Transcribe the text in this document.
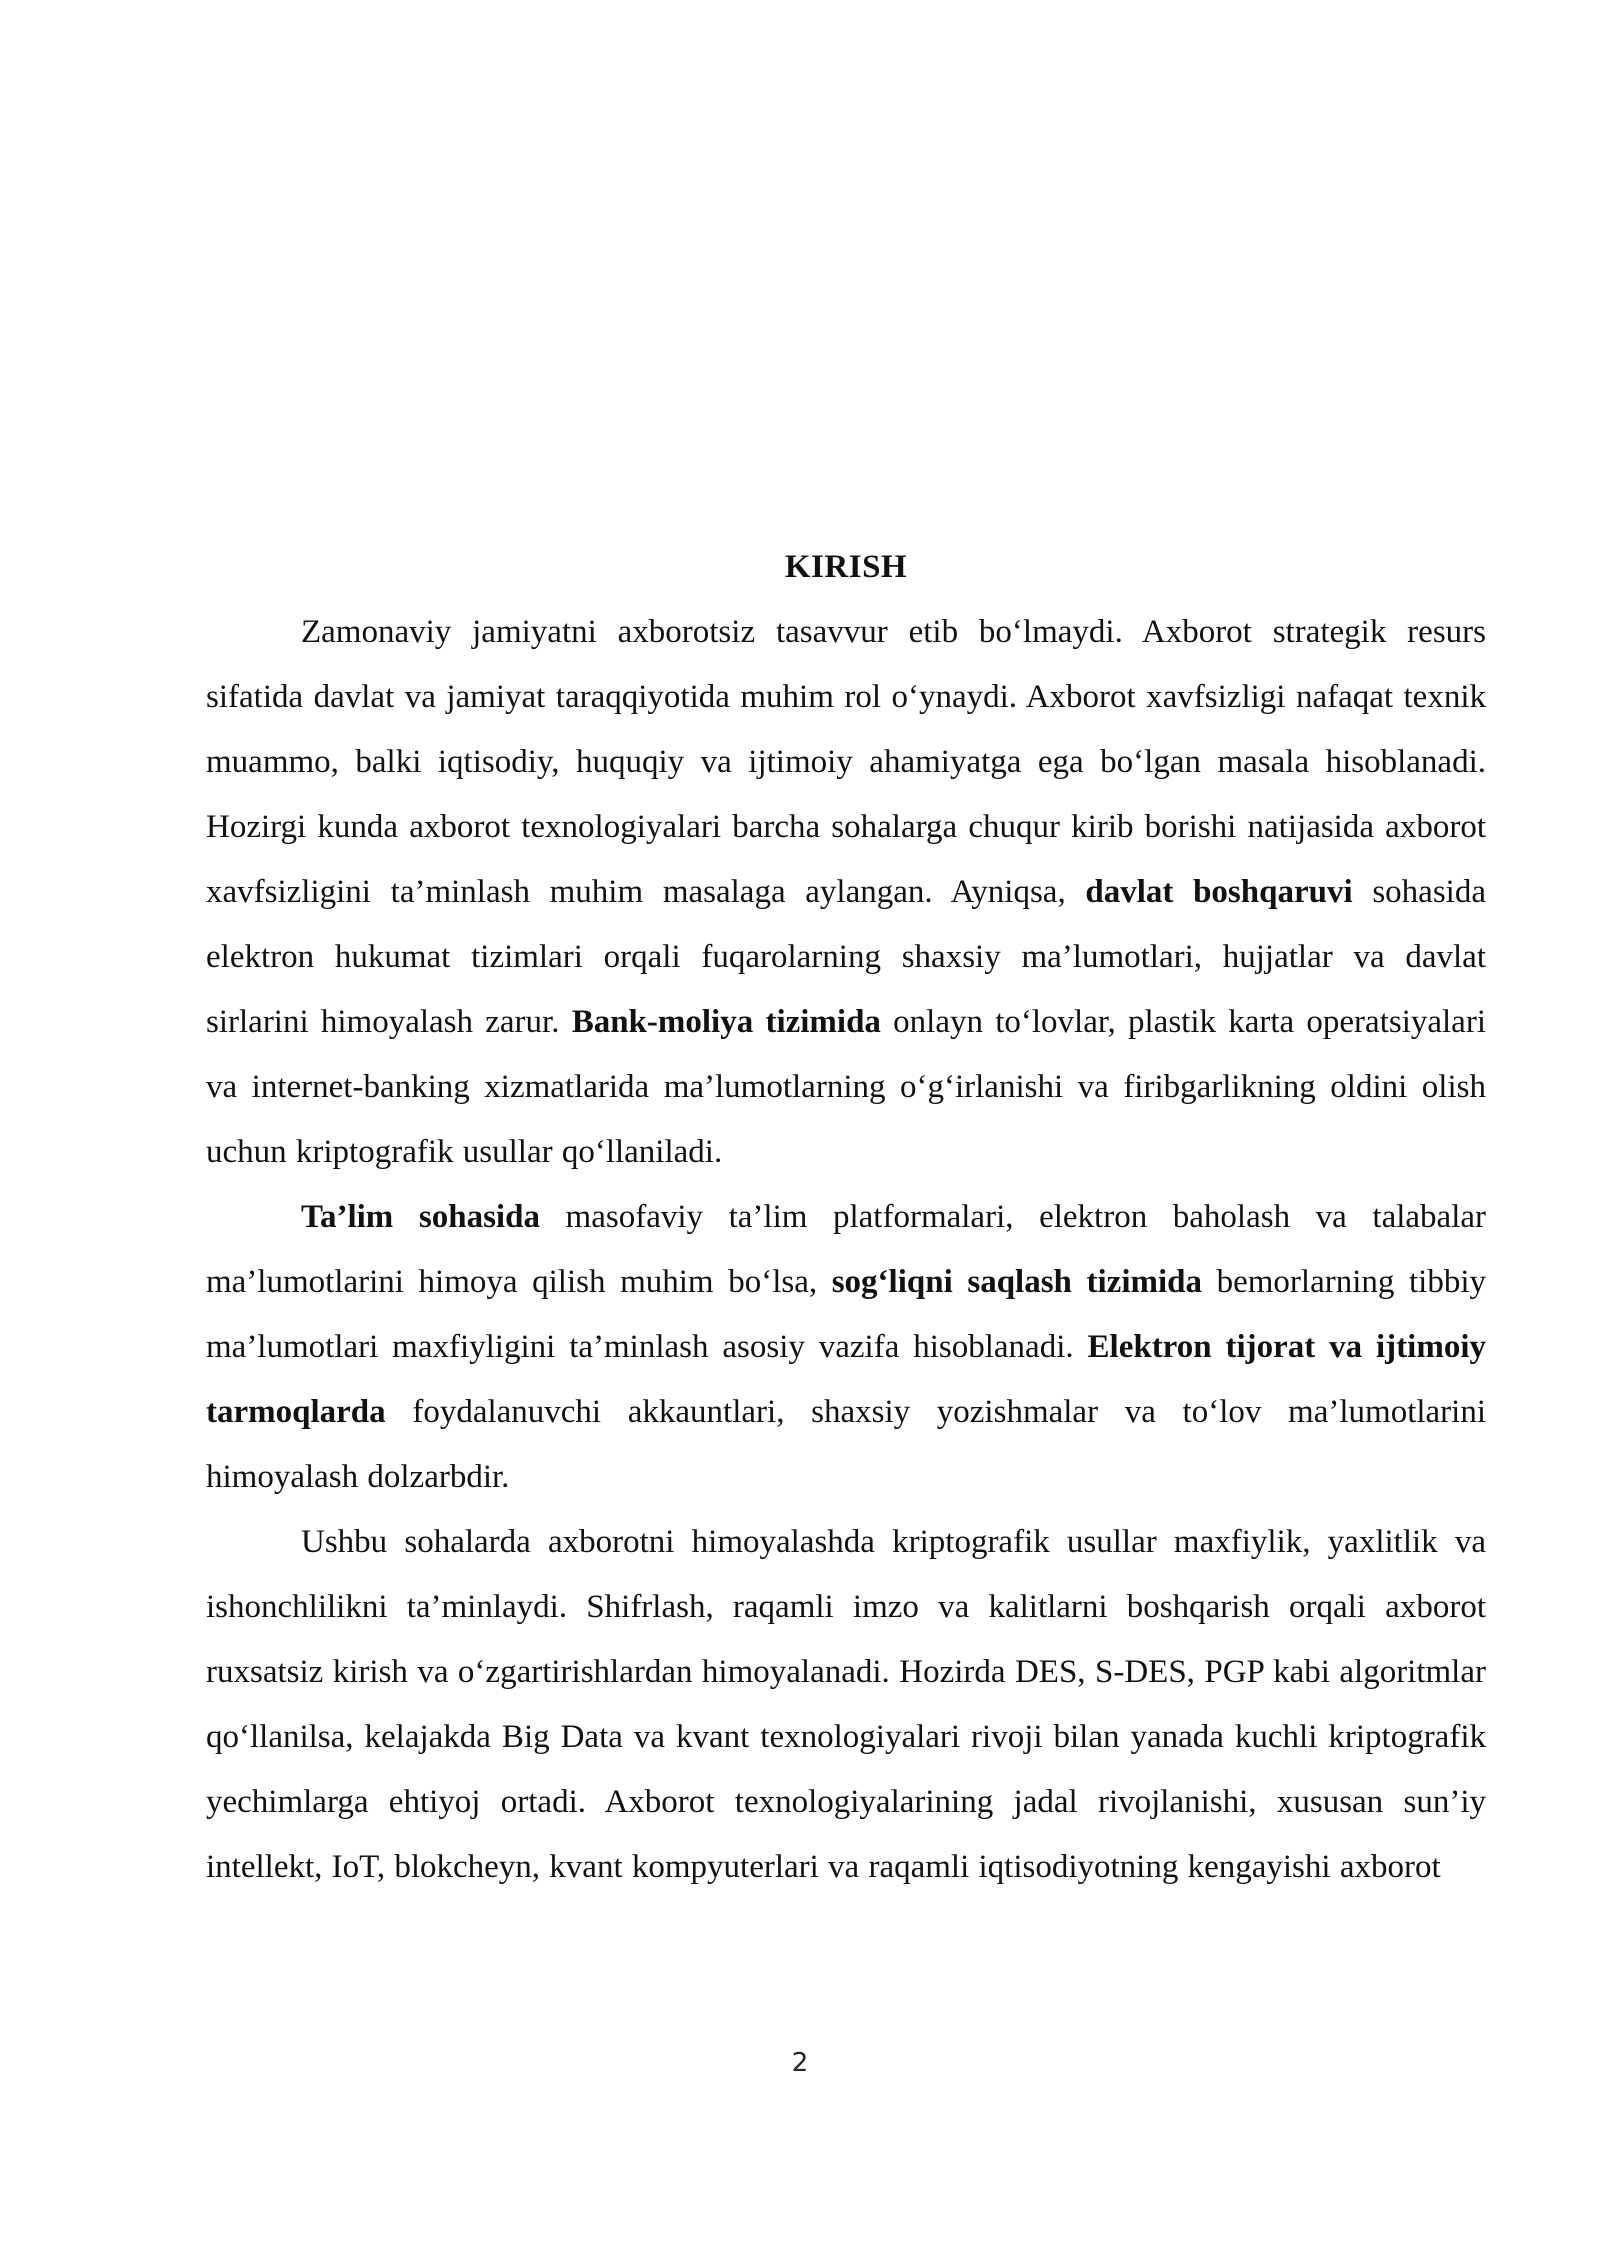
KIRISH

Zamonaviy jamiyatni axborotsiz tasavvur etib bo‘lmaydi. Axborot strategik resurs sifatida davlat va jamiyat taraqqiyotida muhim rol o‘ynaydi. Axborot xavfsizligi nafaqat texnik muammo, balki iqtisodiy, huquqiy va ijtimoiy ahamiyatga ega bo‘lgan masala hisoblanadi. Hozirgi kunda axborot texnologiyalari barcha sohalarga chuqur kirib borishi natijasida axborot xavfsizligini ta’minlash muhim masalaga aylangan. Ayniqsa, davlat boshqaruvi sohasida elektron hukumat tizimlari orqali fuqarolarning shaxsiy ma’lumotlari, hujjatlar va davlat sirlarini himoyalash zarur. Bank-moliya tizimida onlayn to‘lovlar, plastik karta operatsiyalari va internet-banking xizmatlarida ma’lumotlarning o‘g‘irlanishi va firibgarlikning oldini olish uchun kriptografik usullar qo‘llaniladi.

Ta’lim sohasida masofaviy ta’lim platformalari, elektron baholash va talabalar ma’lumotlarini himoya qilish muhim bo‘lsa, sog‘liqni saqlash tizimida bemorlarning tibbiy ma’lumotlari maxfiyligini ta’minlash asosiy vazifa hisoblanadi. Elektron tijorat va ijtimoiy tarmoqlarda foydalanuvchi akkauntlari, shaxsiy yozishmalar va to‘lov ma’lumotlarini himoyalash dolzarbdir.

Ushbu sohalarda axborotni himoyalashda kriptografik usullar maxfiylik, yaxlitlik va ishonchlilikni ta’minlaydi. Shifrlash, raqamli imzo va kalitlarni boshqarish orqali axborot ruxsatsiz kirish va o‘zgartirishlardan himoyalanadi. Hozirda DES, S-DES, PGP kabi algoritmlar qo‘llanilsa, kelajakda Big Data va kvant texnologiyalari rivoji bilan yanada kuchli kriptografik yechimlarga ehtiyoj ortadi. Axborot texnologiyalarining jadal rivojlanishi, xususan sun’iy intellekt, IoT, blokcheyn, kvant kompyuterlari va raqamli iqtisodiyotning kengayishi axborot

2
